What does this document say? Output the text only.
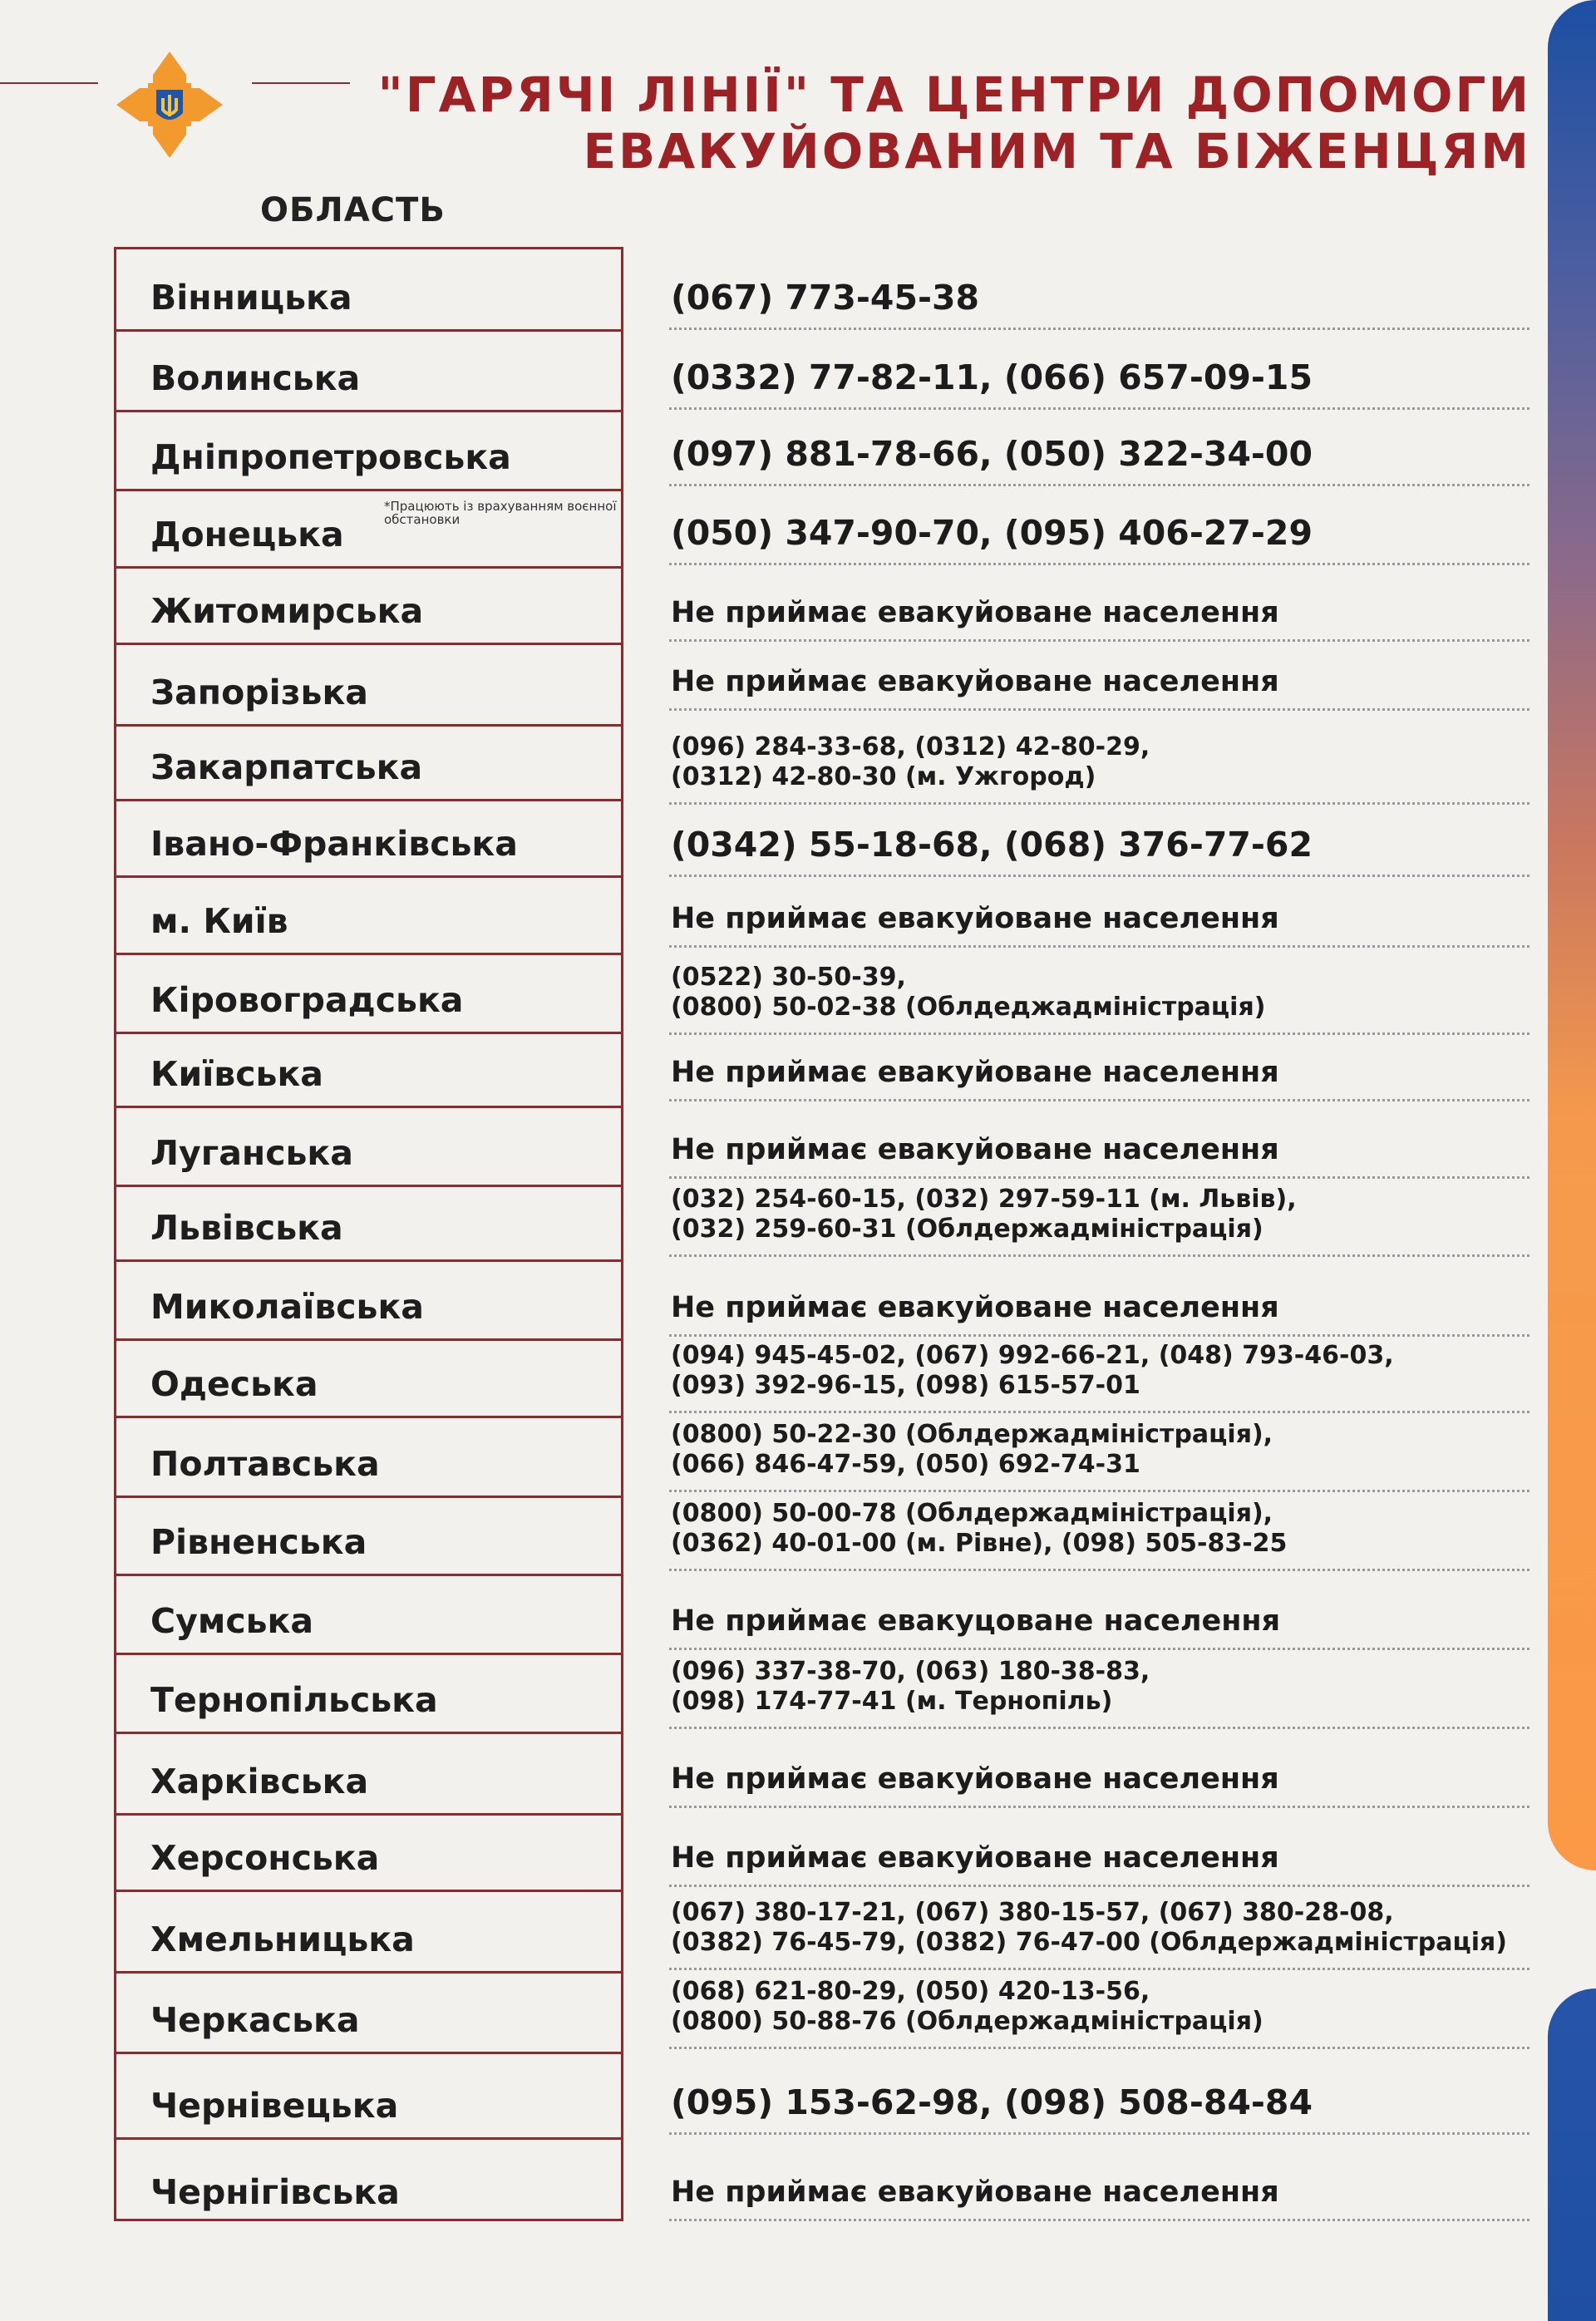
"ГАРЯЧІ ЛІНІЇ" ТА ЦЕНТРИ ДОПОМОГИ
ЕВАКУЙОВАНИМ ТА БІЖЕНЦЯМ
ОБЛАСТЬ
Вінницька
Волинська
Дніпропетровська
Донецька
*Працюють із врахуванням воєнної обстановки
Житомирська
Запорізька
Закарпатська
Івано-Франківська
м. Київ
Кіровоградська
Київська
Луганська
Львівська
Миколаївська
Одеська
Полтавська
Рівненська
Сумська
Тернопільська
Харківська
Херсонська
Хмельницька
Черкаська
Чернівецька
Чернігівська
(067) 773-45-38
(0332) 77-82-11, (066) 657-09-15
(097) 881-78-66, (050) 322-34-00
(050) 347-90-70, (095) 406-27-29
Не приймає евакуйоване населення
Не приймає евакуйоване населення
(096) 284-33-68, (0312) 42-80-29,
(0312) 42-80-30 (м. Ужгород)
(0342) 55-18-68, (068) 376-77-62
Не приймає евакуйоване населення
(0522) 30-50-39,
(0800) 50-02-38 (Облдеджадміністрація)
Не приймає евакуйоване населення
Не приймає евакуйоване населення
(032) 254-60-15, (032) 297-59-11 (м. Львів),
(032) 259-60-31 (Облдержадміністрація)
Не приймає евакуйоване населення
(094) 945-45-02, (067) 992-66-21, (048) 793-46-03,
(093) 392-96-15, (098) 615-57-01
(0800) 50-22-30 (Облдержадміністрація),
(066) 846-47-59, (050) 692-74-31
(0800) 50-00-78 (Облдержадміністрація),
(0362) 40-01-00 (м. Рівне), (098) 505-83-25
Не приймає евакуцоване населення
(096) 337-38-70, (063) 180-38-83,
(098) 174-77-41 (м. Тернопіль)
Не приймає евакуйоване населення
Не приймає евакуйоване населення
(067) 380-17-21, (067) 380-15-57, (067) 380-28-08,
(0382) 76-45-79, (0382) 76-47-00 (Облдержадміністрація)
(068) 621-80-29, (050) 420-13-56,
(0800) 50-88-76 (Облдержадміністрація)
(095) 153-62-98, (098) 508-84-84
Не приймає евакуйоване населення
